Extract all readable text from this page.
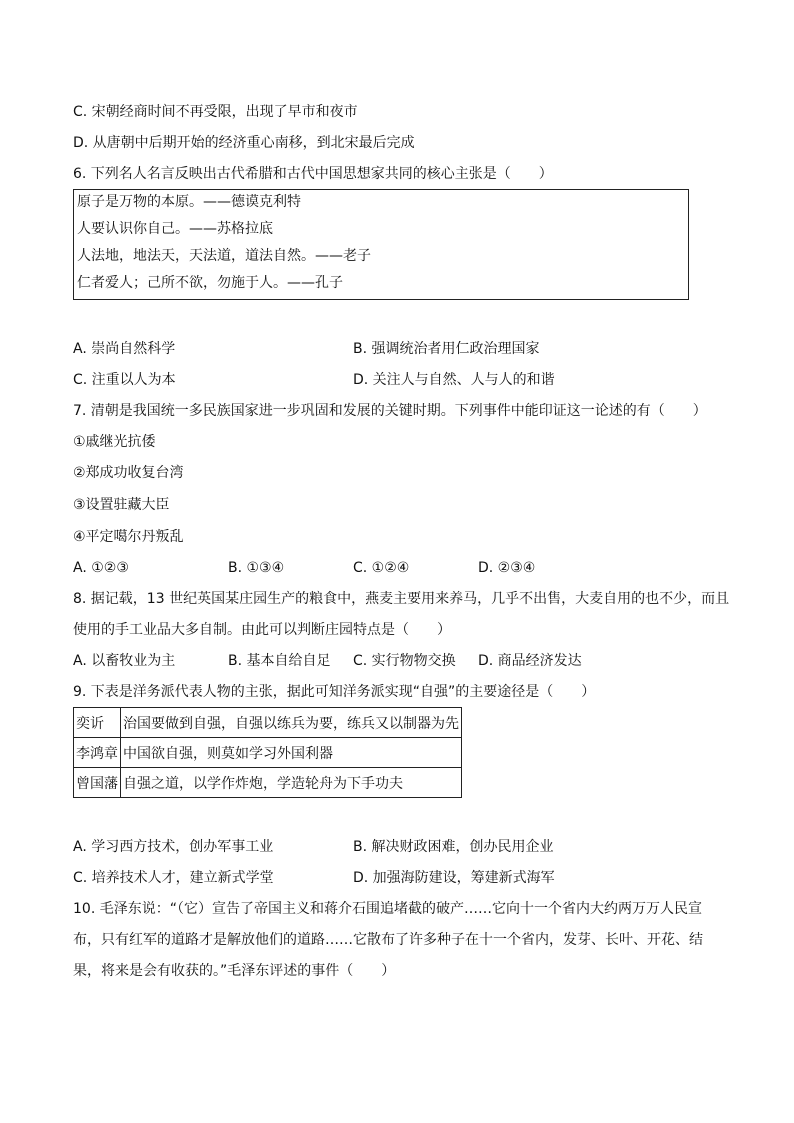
C. 宋朝经商时间不再受限，出现了早市和夜市
D. 从唐朝中后期开始的经济重心南移，到北宋最后完成
6. 下列名人名言反映出古代希腊和古代中国思想家共同的核心主张是（　　）
原子是万物的本原。——德谟克利特
人要认识你自己。——苏格拉底
人法地，地法天，天法道，道法自然。——老子
仁者爱人；己所不欲，勿施于人。——孔子
A. 崇尚自然科学	B. 强调统治者用仁政治理国家
C. 注重以人为本	D. 关注人与自然、人与人的和谐
7. 清朝是我国统一多民族国家进一步巩固和发展的关键时期。下列事件中能印证这一论述的有（　　）
①戚继光抗倭
②郑成功收复台湾
③设置驻藏大臣
④平定噶尔丹叛乱
A. ①②③	B. ①③④	C. ①②④	D. ②③④
8. 据记载，13 世纪英国某庄园生产的粮食中，燕麦主要用来养马，几乎不出售，大麦自用的也不少，而且
使用的手工业品大多自制。由此可以判断庄园特点是（　　）
A. 以畜牧业为主	B. 基本自给自足 C. 实行物物交换 D. 商品经济发达
9. 下表是洋务派代表人物的主张，据此可知洋务派实现“自强”的主要途径是（　　）
奕䜣	治国要做到自强，自强以练兵为要，练兵又以制器为先
李鸿章	中国欲自强，则莫如学习外国利器
曾国藩	自强之道，以学作炸炮，学造轮舟为下手功夫
A. 学习西方技术，创办军事工业	B. 解决财政困难，创办民用企业
C. 培养技术人才，建立新式学堂	D. 加强海防建设，筹建新式海军
10. 毛泽东说：“（它）宣告了帝国主义和蒋介石围追堵截的破产……它向十一个省内大约两万万人民宣
布，只有红军的道路才是解放他们的道路……它散布了许多种子在十一个省内，发芽、长叶、开花、结
果，将来是会有收获的。”毛泽东评述的事件（　　）
